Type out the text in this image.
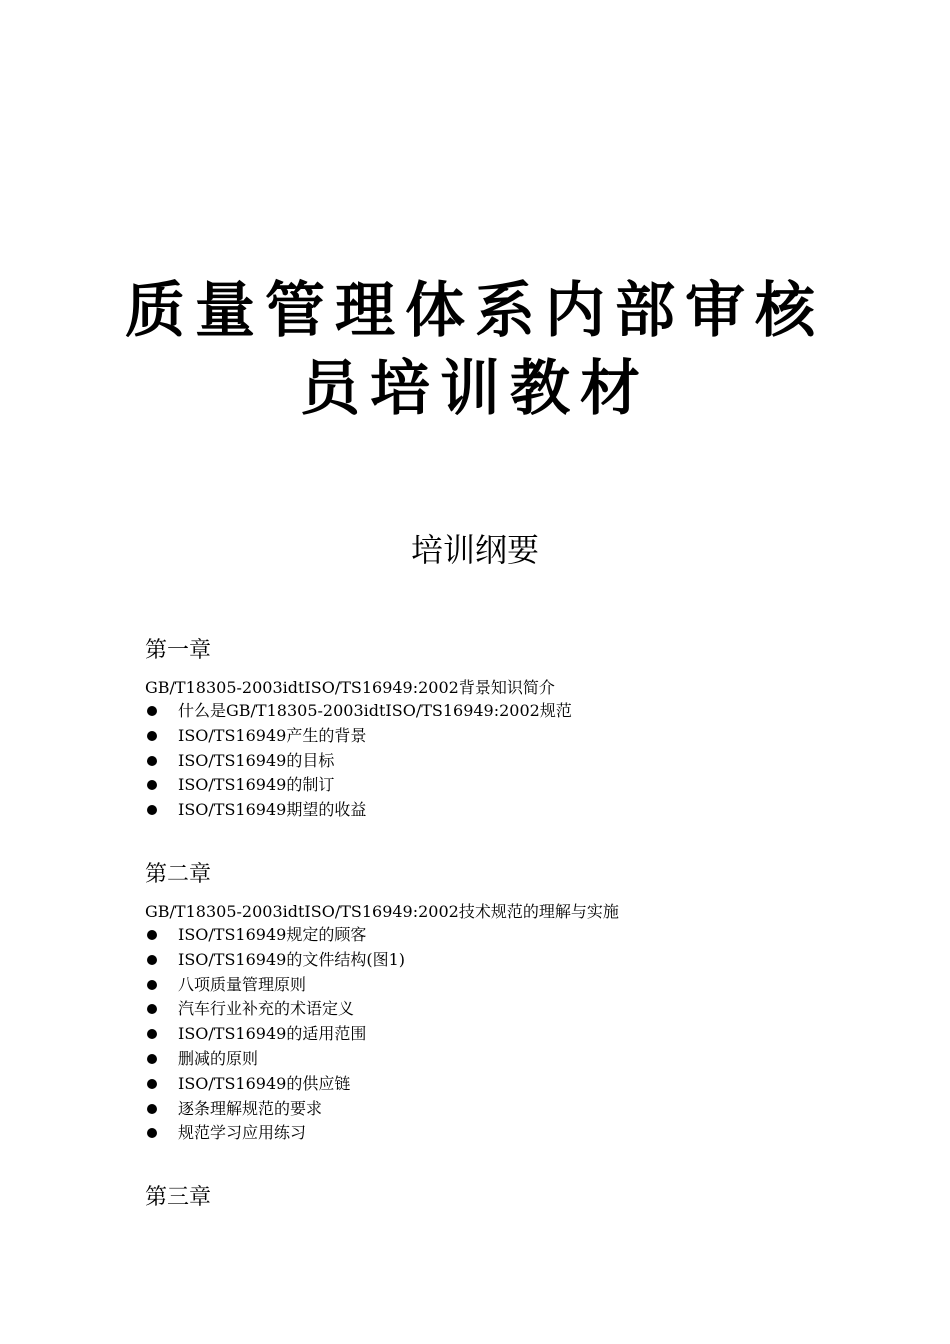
质量管理体系内部审核
员培训教材
培训纲要
第一章
GB/T18305-2003idtISO/TS16949:2002背景知识简介
什么是GB/T18305-2003idtISO/TS16949:2002规范
ISO/TS16949产生的背景
ISO/TS16949的目标
ISO/TS16949的制订
ISO/TS16949期望的收益
第二章
GB/T18305-2003idtISO/TS16949:2002技术规范的理解与实施
ISO/TS16949规定的顾客
ISO/TS16949的文件结构(图1)
八项质量管理原则
汽车行业补充的术语定义
ISO/TS16949的适用范围
删减的原则
ISO/TS16949的供应链
逐条理解规范的要求
规范学习应用练习
第三章
